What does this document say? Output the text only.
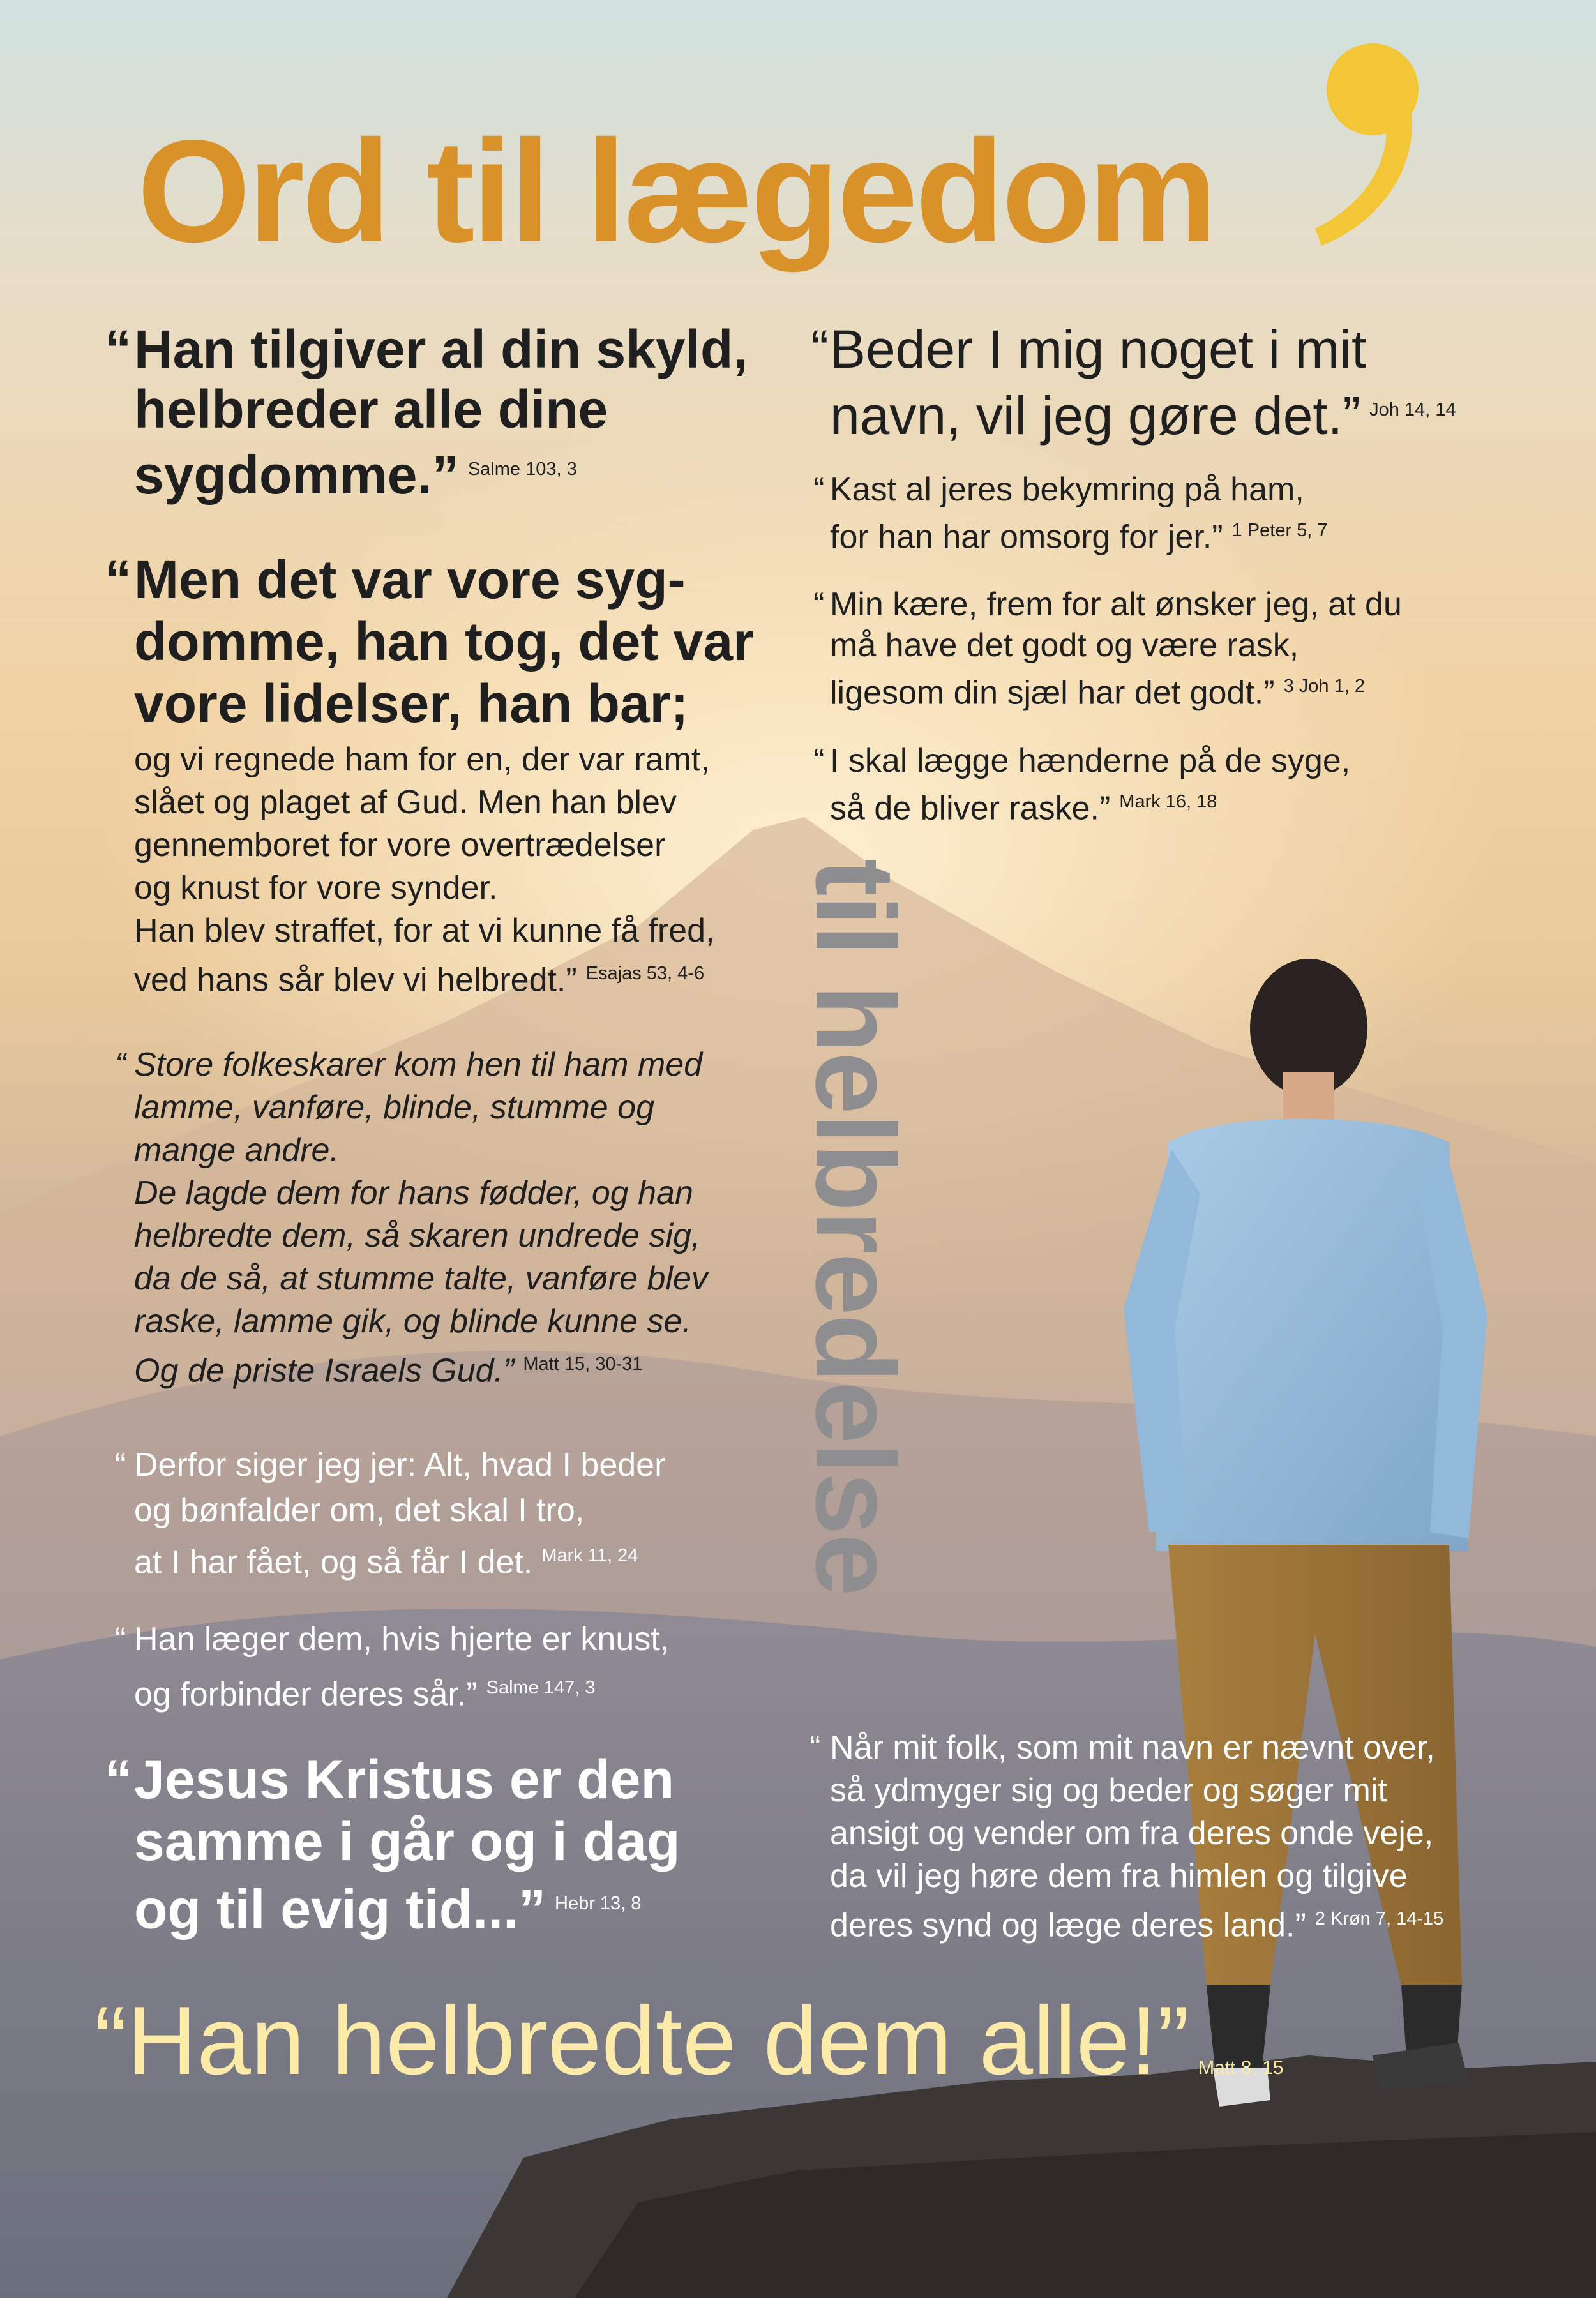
Ord til lægedom
“ Han tilgiver al din skyld,
helbreder alle dine
sygdomme.” $^{Salme 103, 3}$
“ Men det var vore syg-
domme, han tog, det var
vore lidelser, han bar;
og vi regnede ham for en, der var ramt,
slået og plaget af Gud. Men han blev
gennemboret for vore overtrædelser
og knust for vore synder.
Han blev straffet, for at vi kunne få fred,
ved hans sår blev vi helbredt.” $^{Esajas 53, 4-6}$
“ Store folkeskarer kom hen til ham med
lamme, vanføre, blinde, stumme og
mange andre.
De lagde dem for hans fødder, og han
helbredte dem, så skaren undrede sig,
da de så, at stumme talte, vanføre blev
raske, lamme gik, og blinde kunne se.
Og de priste Israels Gud.” $^{Matt 15, 30-31}$
“ Derfor siger jeg jer: Alt, hvad I beder
og bønfalder om, det skal I tro,
at I har fået, og så får I det. $^{Mark 11, 24}$
“ Han læger dem, hvis hjerte er knust,
og forbinder deres sår.” $^{Salme 147, 3}$
“ Jesus Kristus er den
samme i går og i dag
og til evig tid...” $^{Hebr 13, 8}$
“ Beder I mig noget i mit
navn, vil jeg gøre det.” $^{Joh 14, 14}$
“ Kast al jeres bekymring på ham,
for han har omsorg for jer.” $^{1 Peter 5, 7}$
“ Min kære, frem for alt ønsker jeg, at du
må have det godt og være rask,
ligesom din sjæl har det godt.” $^{3 Joh 1, 2}$
“ I skal lægge hænderne på de syge,
så de bliver raske.” $^{Mark 16, 18}$
til helbredelse
“ Når mit folk, som mit navn er nævnt over,
så ydmyger sig og beder og søger mit
ansigt og vender om fra deres onde veje,
da vil jeg høre dem fra himlen og tilgive
deres synd og læge deres land.” $^{2 Krøn 7, 14-15}$
“Han helbredte dem alle!” Matt 8, 15
